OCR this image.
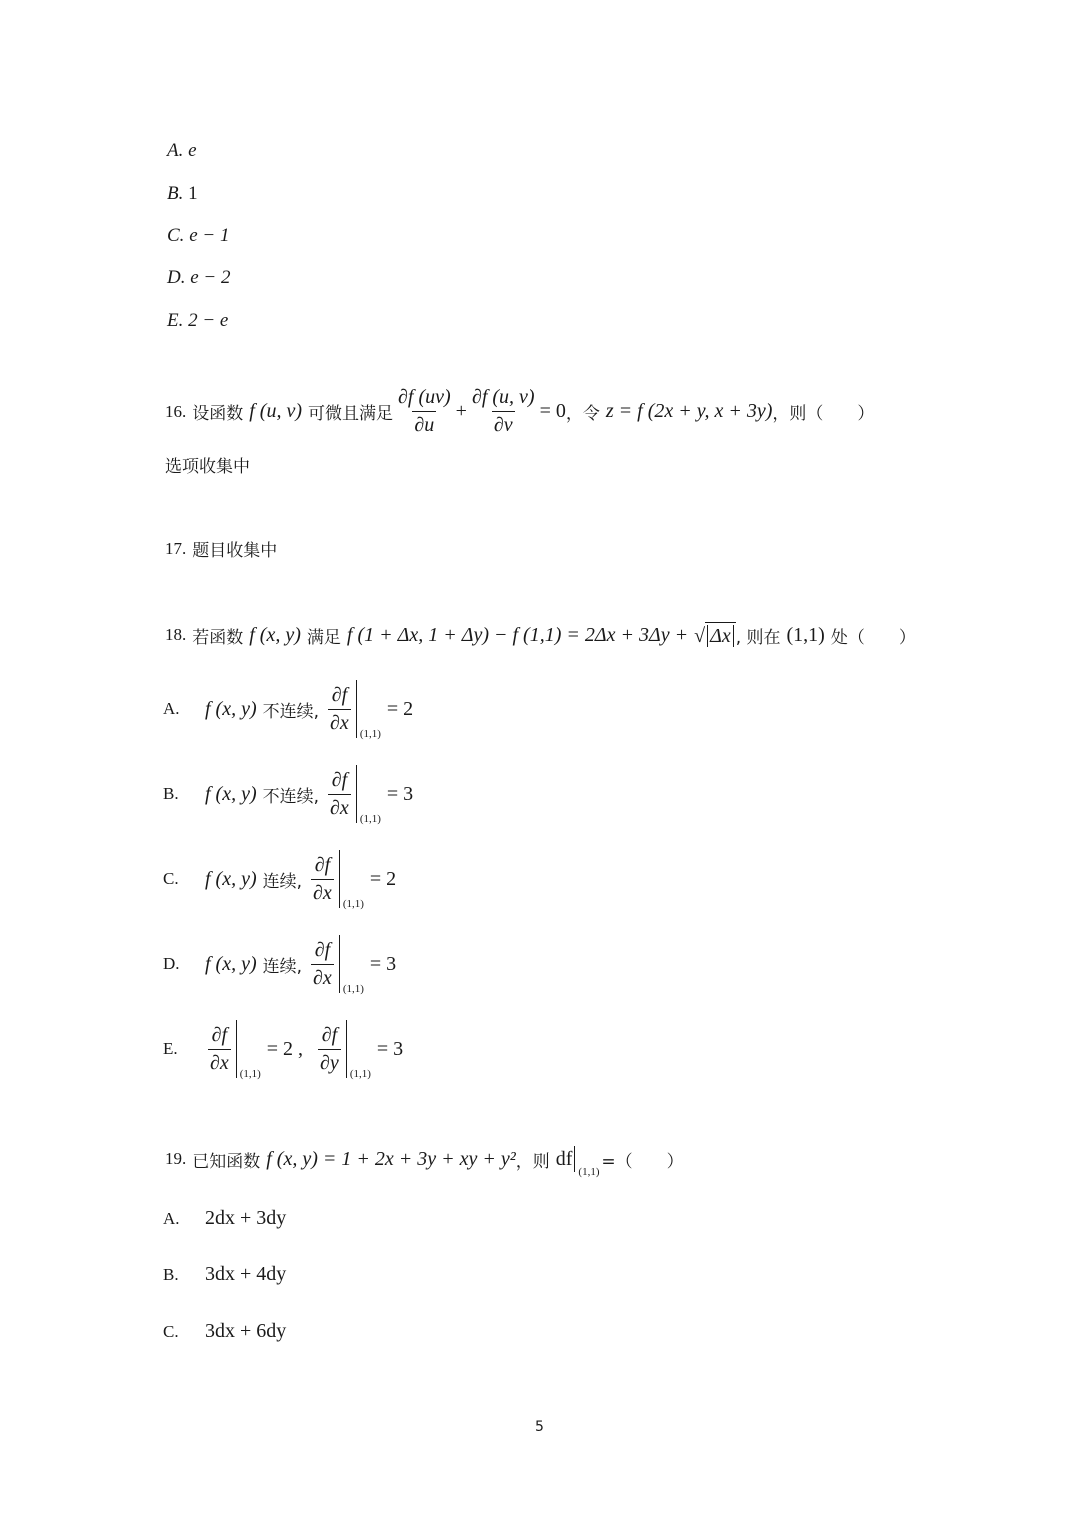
A. e
B. 1
C. e − 1
D. e − 2
E. 2 − e
16. 设函数 f (u, v) 可微且满足 $\frac{\partial f (uv)}{\partial u} + \frac{\partial f (u, v)}{\partial v} = 0$ ，令 z = f (2x + y, x + 3y) ，则（　　）
选项收集中
17. 题目收集中
18. 若函数 f (x, y) 满足 f (1 + Δx, 1 + Δy) − f (1,1) = 2Δx + 3Δy + √ Δx , 则在 (1,1) 处（　　）
A.	f (x, y) 不连续, $\frac{\partial f}{\partial x} (1,1)$
= 2
B.	f (x, y) 不连续, $\frac{\partial f}{\partial x} (1,1)$
= 3
C.	f (x, y) 连续, $\frac{\partial f}{\partial x} (1,1)$
= 2
D.	f (x, y) 连续, $\frac{\partial f}{\partial x} (1,1)$
= 3
E.	$\frac{\partial f}{\partial x} (1,1)$
= 2 , $\frac{\partial f}{\partial y} (1,1)$
= 3
19. 已知函数 f (x, y) = 1 + 2x + 3y + xy + y² ，则 df
(1,1)
=（　　）
A.	2dx + 3dy
B.	3dx + 4dy
C.	3dx + 6dy
5
